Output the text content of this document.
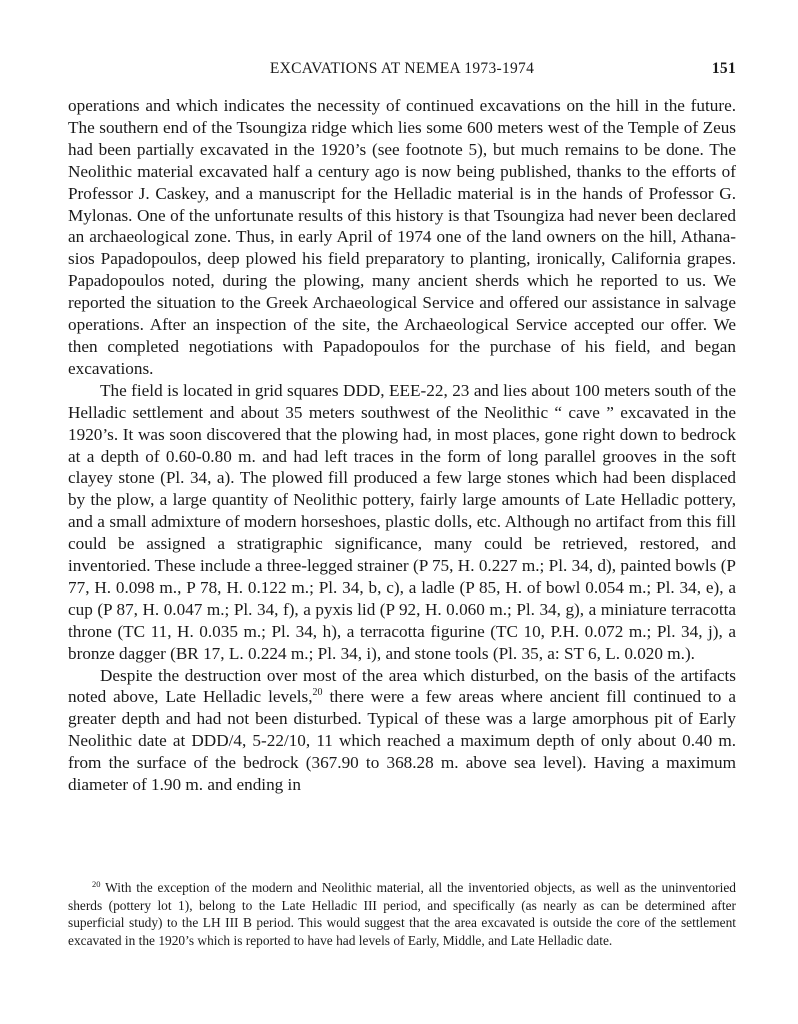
EXCAVATIONS AT NEMEA 1973-1974	151

operations and which indicates the necessity of continued excavations on the hill in the future. The southern end of the Tsoungiza ridge which lies some 600 meters west of the Temple of Zeus had been partially excavated in the 1920’s (see footnote 5), but much remains to be done. The Neolithic material excavated half a century ago is now being published, thanks to the efforts of Professor J. Caskey, and a manuscript for the Helladic material is in the hands of Professor G. Mylonas. One of the unfortunate results of this history is that Tsoungiza had never been declared an archaeological zone. Thus, in early April of 1974 one of the land owners on the hill, Athanasios Papadopoulos, deep plowed his field preparatory to planting, ironically, California grapes. Papadopoulos noted, during the plowing, many ancient sherds which he reported to us. We reported the situation to the Greek Archaeological Service and offered our assistance in salvage operations. After an inspection of the site, the Archaeological Service accepted our offer. We then completed negotiations with Papadopoulos for the purchase of his field, and began excavations.

The field is located in grid squares DDD, EEE-22, 23 and lies about 100 meters south of the Helladic settlement and about 35 meters southwest of the Neolithic “ cave ” excavated in the 1920’s. It was soon discovered that the plowing had, in most places, gone right down to bedrock at a depth of 0.60-0.80 m. and had left traces in the form of long parallel grooves in the soft clayey stone (Pl. 34, a). The plowed fill produced a few large stones which had been displaced by the plow, a large quantity of Neolithic pottery, fairly large amounts of Late Helladic pottery, and a small admixture of modern horseshoes, plastic dolls, etc. Although no artifact from this fill could be assigned a stratigraphic significance, many could be retrieved, restored, and inventoried. These include a three-legged strainer (P 75, H. 0.227 m.; Pl. 34, d), painted bowls (P 77, H. 0.098 m., P 78, H. 0.122 m.; Pl. 34, b, c), a ladle (P 85, H. of bowl 0.054 m.; Pl. 34, e), a cup (P 87, H. 0.047 m.; Pl. 34, f), a pyxis lid (P 92, H. 0.060 m.; Pl. 34, g), a miniature terracotta throne (TC 11, H. 0.035 m.; Pl. 34, h), a terracotta figurine (TC 10, P.H. 0.072 m.; Pl. 34, j), a bronze dagger (BR 17, L. 0.224 m.; Pl. 34, i), and stone tools (Pl. 35, a: ST 6, L. 0.020 m.).

Despite the destruction over most of the area which disturbed, on the basis of the artifacts noted above, Late Helladic levels,$^{20}$ there were a few areas where ancient fill continued to a greater depth and had not been disturbed. Typical of these was a large amorphous pit of Early Neolithic date at DDD/4, 5-22/10, 11 which reached a maximum depth of only about 0.40 m. from the surface of the bedrock (367.90 to 368.28 m. above sea level). Having a maximum diameter of 1.90 m. and ending in

$^{20}$ With the exception of the modern and Neolithic material, all the inventoried objects, as well as the uninventoried sherds (pottery lot 1), belong to the Late Helladic III period, and specifically (as nearly as can be determined after superficial study) to the LH III B period. This would suggest that the area excavated is outside the core of the settlement excavated in the 1920’s which is reported to have had levels of Early, Middle, and Late Helladic date.
